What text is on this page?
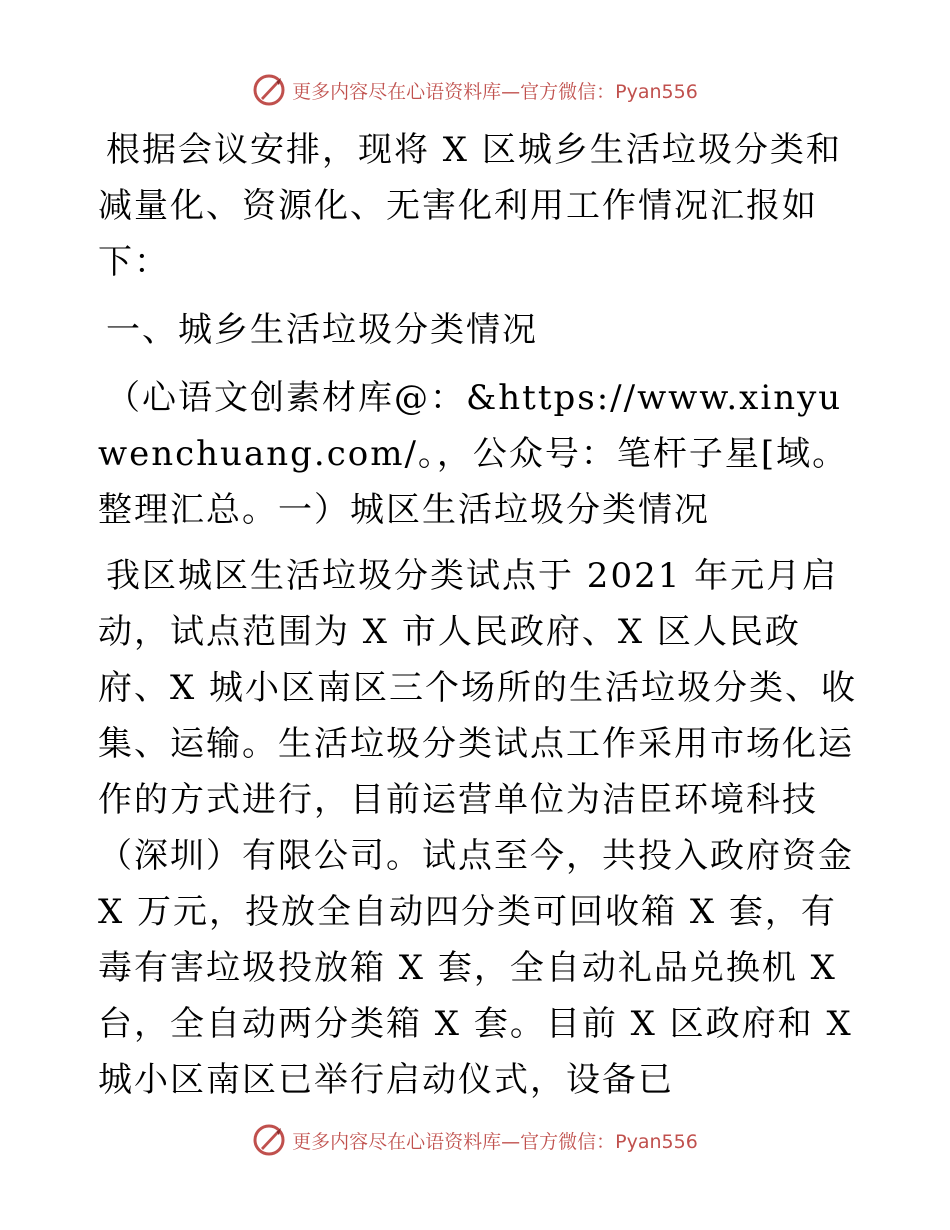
更多内容尽在心语资料库 —官方微信：Pyan556

根据会议安排，现将 X 区城乡生活垃圾分类和减量化、资源化、无害化利用工作情况汇报如下：

一、城乡生活垃圾分类情况

（心语文创素材库@：&https://www.xinyuwenchuang.com/。，公众号：笔杆子星[域。整理汇总。一）城区生活垃圾分类情况

我区城区生活垃圾分类试点于 2021 年元月启动，试点范围为 X 市人民政府、X 区人民政府、X 城小区南区三个场所的生活垃圾分类、收集、运输。生活垃圾分类试点工作采用市场化运作的方式进行，目前运营单位为洁臣环境科技（深圳）有限公司。试点至今，共投入政府资金 X 万元，投放全自动四分类可回收箱 X 套，有毒有害垃圾投放箱 X 套，全自动礼品兑换机 X 台，全自动两分类箱 X 套。目前 X 区政府和 X 城小区南区已举行启动仪式，设备已

更多内容尽在心语资料库 —官方微信：Pyan556
